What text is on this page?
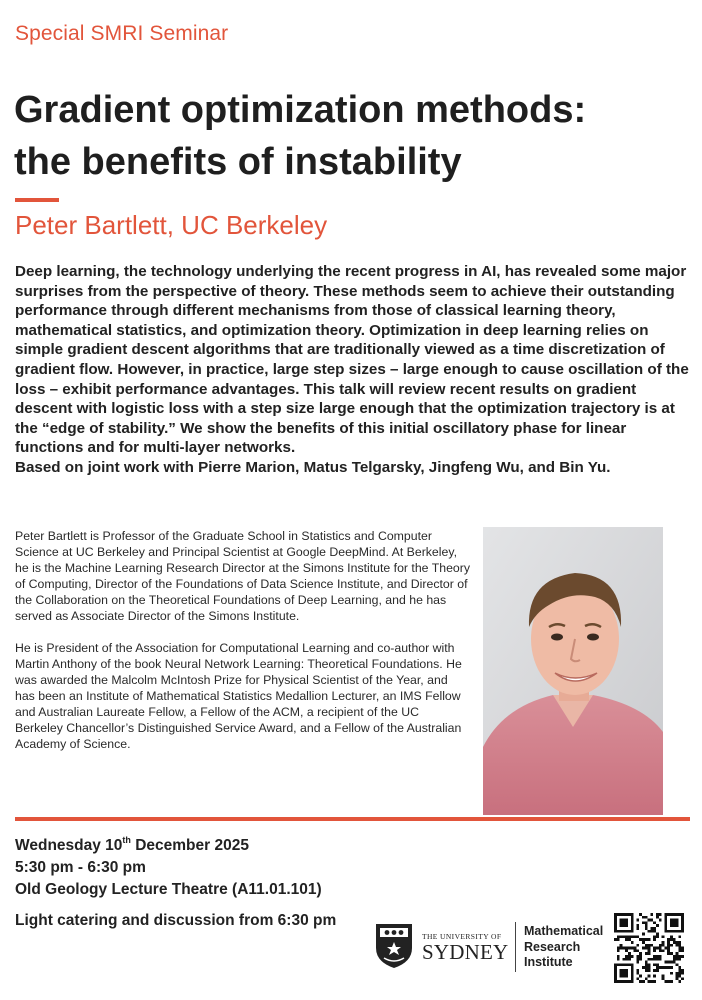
Special SMRI Seminar
Gradient optimization methods:
the benefits of instability
Peter Bartlett, UC Berkeley

Deep learning, the technology underlying the recent progress in AI, has revealed some major surprises from the perspective of theory. These methods seem to achieve their outstanding performance through different mechanisms from those of classical learning theory, mathematical statistics, and optimization theory. Optimization in deep learning relies on simple gradient descent algorithms that are traditionally viewed as a time discretization of gradient flow. However, in practice, large step sizes – large enough to cause oscillation of the loss – exhibit performance advantages. This talk will review recent results on gradient descent with logistic loss with a step size large enough that the optimization trajectory is at the “edge of stability.” We show the benefits of this initial oscillatory phase for linear functions and for multi-layer networks.

Based on joint work with Pierre Marion, Matus Telgarsky, Jingfeng Wu, and Bin Yu.

Peter Bartlett is Professor of the Graduate School in Statistics and Computer Science at UC Berkeley and Principal Scientist at Google DeepMind. At Berkeley, he is the Machine Learning Research Director at the Simons Institute for the Theory of Computing, Director of the Foundations of Data Science Institute, and Director of the Collaboration on the Theoretical Foundations of Deep Learning, and he has served as Associate Director of the Simons Institute.

He is President of the Association for Computational Learning and co-author with Martin Anthony of the book Neural Network Learning: Theoretical Foundations. He was awarded the Malcolm McIntosh Prize for Physical Scientist of the Year, and has been an Institute of Mathematical Statistics Medallion Lecturer, an IMS Fellow and Australian Laureate Fellow, a Fellow of the ACM, a recipient of the UC Berkeley Chancellor’s Distinguished Service Award, and a Fellow of the Australian Academy of Science.

Wednesday 10th December 2025
5:30 pm - 6:30 pm
Old Geology Lecture Theatre (A11.01.101)
Light catering and discussion from 6:30 pm
THE UNIVERSITY OF
SYDNEY
Mathematical
Research
Institute
